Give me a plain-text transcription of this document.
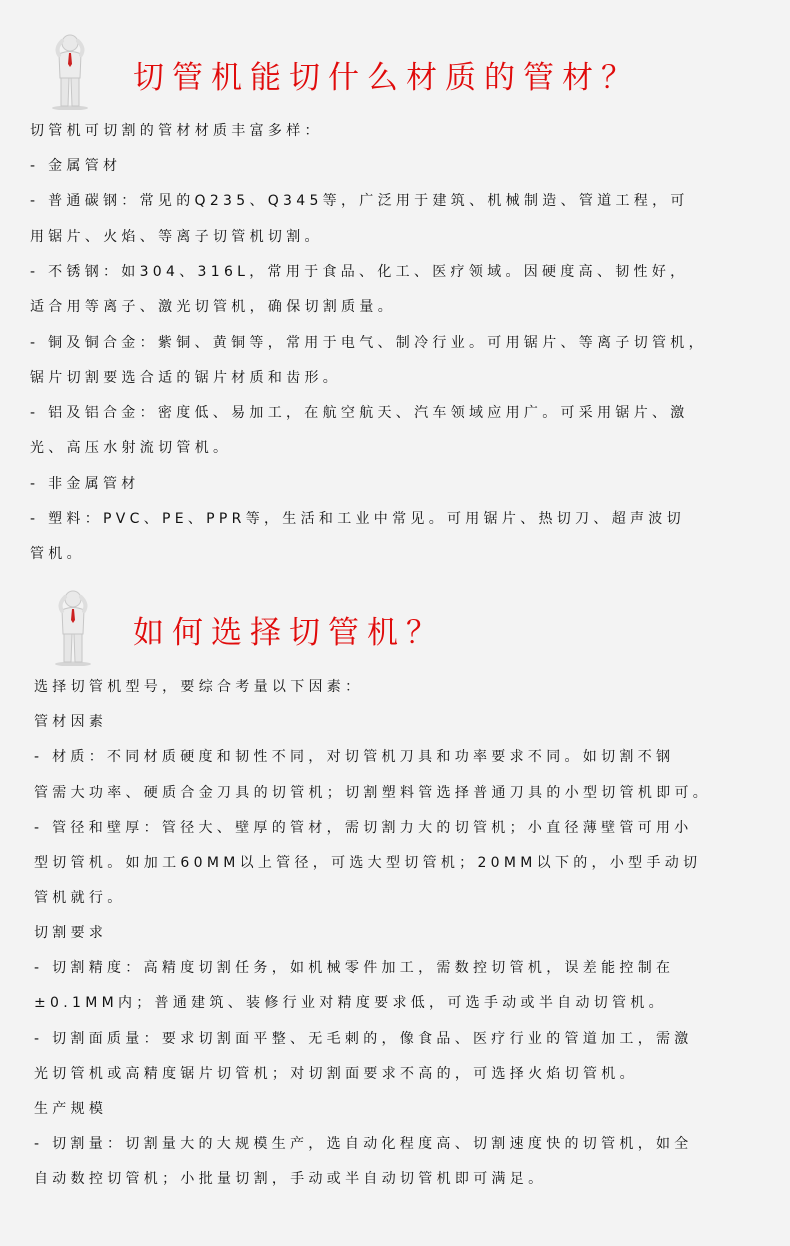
切管机能切什么材质的管材？
切管机可切割的管材材质丰富多样：
- 金属管材
- 普通碳钢：常见的Q235、Q345等，广泛用于建筑、机械制造、管道工程，可
用锯片、火焰、等离子切管机切割。
- 不锈钢：如304、316L，常用于食品、化工、医疗领域。因硬度高、韧性好，
适合用等离子、激光切管机，确保切割质量。
- 铜及铜合金：紫铜、黄铜等，常用于电气、制冷行业。可用锯片、等离子切管机，
锯片切割要选合适的锯片材质和齿形。
- 铝及铝合金：密度低、易加工，在航空航天、汽车领域应用广。可采用锯片、激
光、高压水射流切管机。
- 非金属管材
- 塑料：PVC、PE、PPR等，生活和工业中常见。可用锯片、热切刀、超声波切
管机。
如何选择切管机？
选择切管机型号，要综合考量以下因素：
管材因素
- 材质：不同材质硬度和韧性不同，对切管机刀具和功率要求不同。如切割不钢
管需大功率、硬质合金刀具的切管机；切割塑料管选择普通刀具的小型切管机即可。
- 管径和壁厚：管径大、壁厚的管材，需切割力大的切管机；小直径薄壁管可用小
型切管机。如加工60MM以上管径，可选大型切管机；20MM以下的，小型手动切
管机就行。
切割要求
- 切割精度：高精度切割任务，如机械零件加工，需数控切管机，误差能控制在
±0.1MM内；普通建筑、装修行业对精度要求低，可选手动或半自动切管机。
- 切割面质量：要求切割面平整、无毛刺的，像食品、医疗行业的管道加工，需激
光切管机或高精度锯片切管机；对切割面要求不高的，可选择火焰切管机。
生产规模
- 切割量：切割量大的大规模生产，选自动化程度高、切割速度快的切管机，如全
自动数控切管机；小批量切割，手动或半自动切管机即可满足。
